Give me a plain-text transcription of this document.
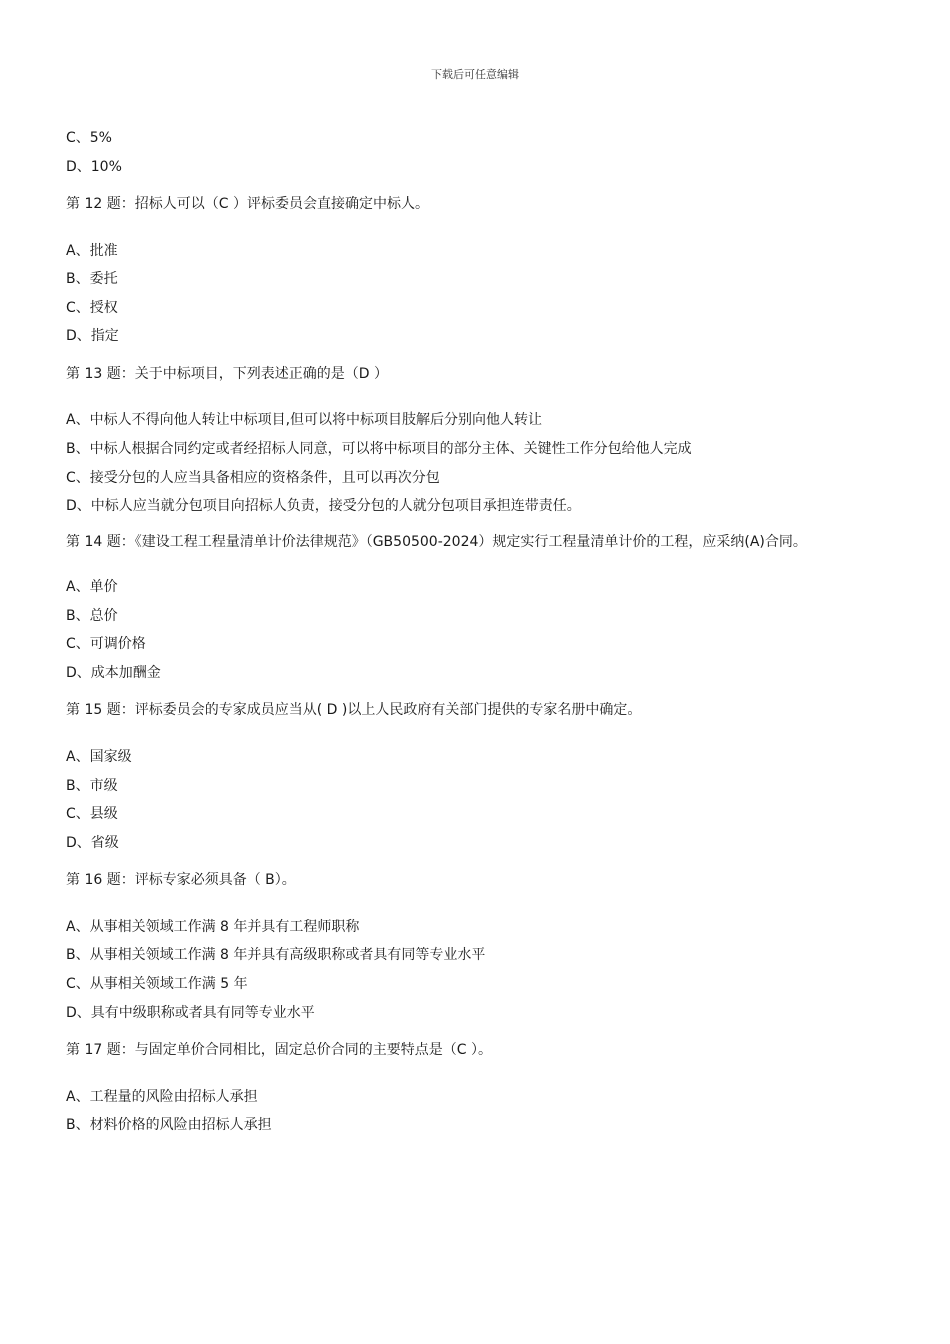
下载后可任意编辑
C、5%
D、10%
第 12 题：招标人可以（C ）评标委员会直接确定中标人。
A、批准
B、委托
C、授权
D、指定
第 13 题：关于中标项目，下列表述正确的是（D ）
A、中标人不得向他人转让中标项目,但可以将中标项目肢解后分别向他人转让
B、中标人根据合同约定或者经招标人同意，可以将中标项目的部分主体、关键性工作分包给他人完成
C、接受分包的人应当具备相应的资格条件，且可以再次分包
D、中标人应当就分包项目向招标人负责，接受分包的人就分包项目承担连带责任。
第 14 题：《建设工程工程量清单计价法律规范》（GB50500-2024）规定实行工程量清单计价的工程，应采纳(A)合同。
A、单价
B、总价
C、可调价格
D、成本加酬金
第 15 题：评标委员会的专家成员应当从( D )以上人民政府有关部门提供的专家名册中确定。
A、国家级
B、市级
C、县级
D、省级
第 16 题：评标专家必须具备（ B）。
A、从事相关领域工作满 8 年并具有工程师职称
B、从事相关领域工作满 8 年并具有高级职称或者具有同等专业水平
C、从事相关领域工作满 5 年
D、具有中级职称或者具有同等专业水平
第 17 题：与固定单价合同相比，固定总价合同的主要特点是（C ）。
A、工程量的风险由招标人承担
B、材料价格的风险由招标人承担
